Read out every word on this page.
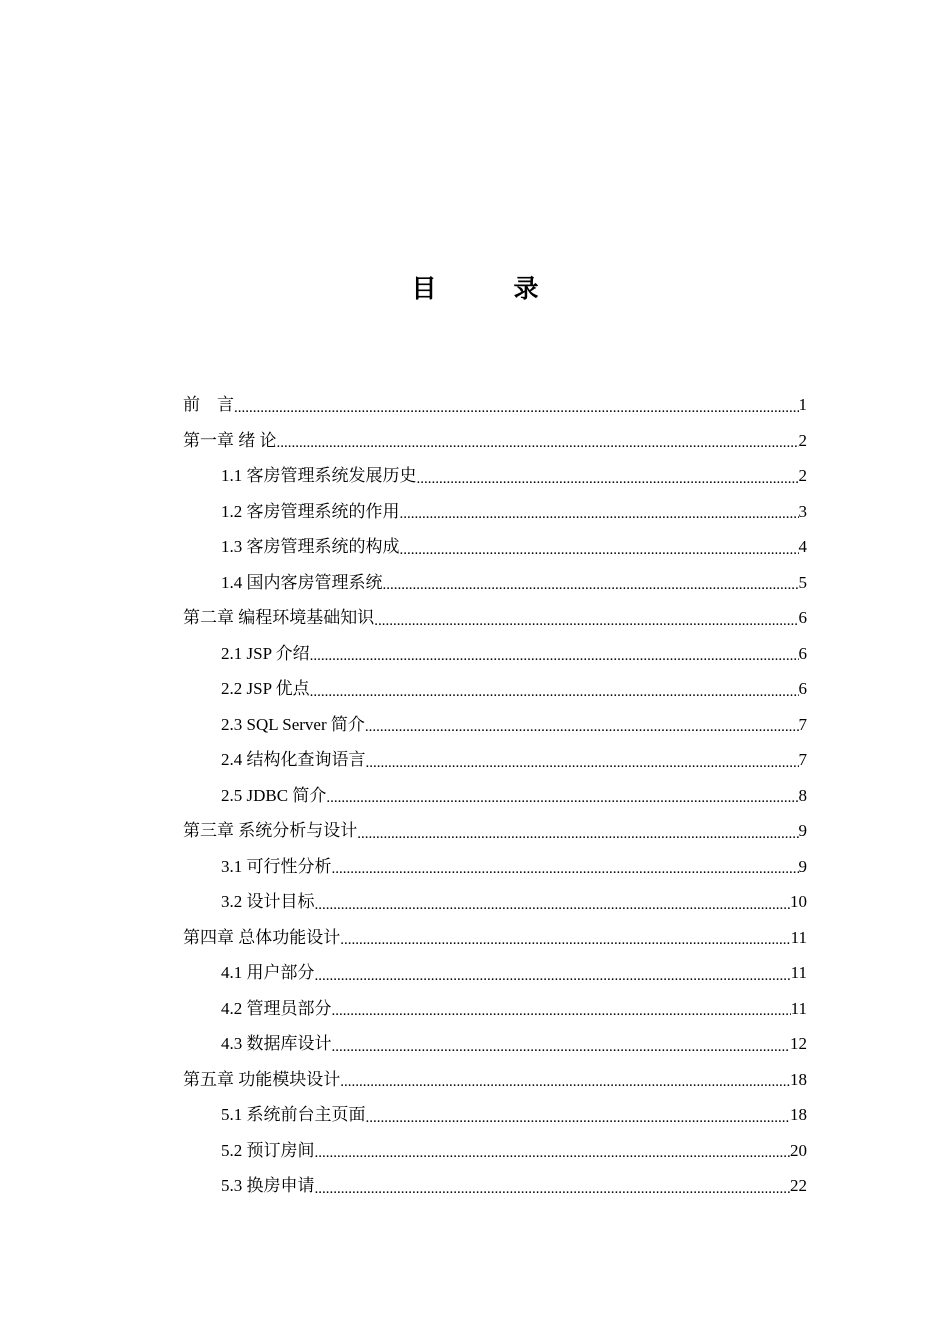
目　录
前　言 .....	1
第一章 绪 论 .....	2
1.1 客房管理系统发展历史 .....	2
1.2 客房管理系统的作用 .....	3
1.3 客房管理系统的构成 .....	4
1.4 国内客房管理系统 .....	5
第二章 编程环境基础知识 .....	6
2.1 JSP 介绍 .....	6
2.2 JSP 优点 .....	6
2.3 SQL Server 简介 .....	7
2.4 结构化查询语言 .....	7
2.5 JDBC 简介 .....	8
第三章 系统分析与设计 .....	9
3.1 可行性分析 .....	9
3.2 设计目标 .....	10
第四章 总体功能设计 .....	11
4.1 用户部分 .....	11
4.2 管理员部分 .....	11
4.3 数据库设计 .....	12
第五章 功能模块设计 .....	18
5.1 系统前台主页面 .....	18
5.2 预订房间 .....	20
5.3 换房申请 .....	22
